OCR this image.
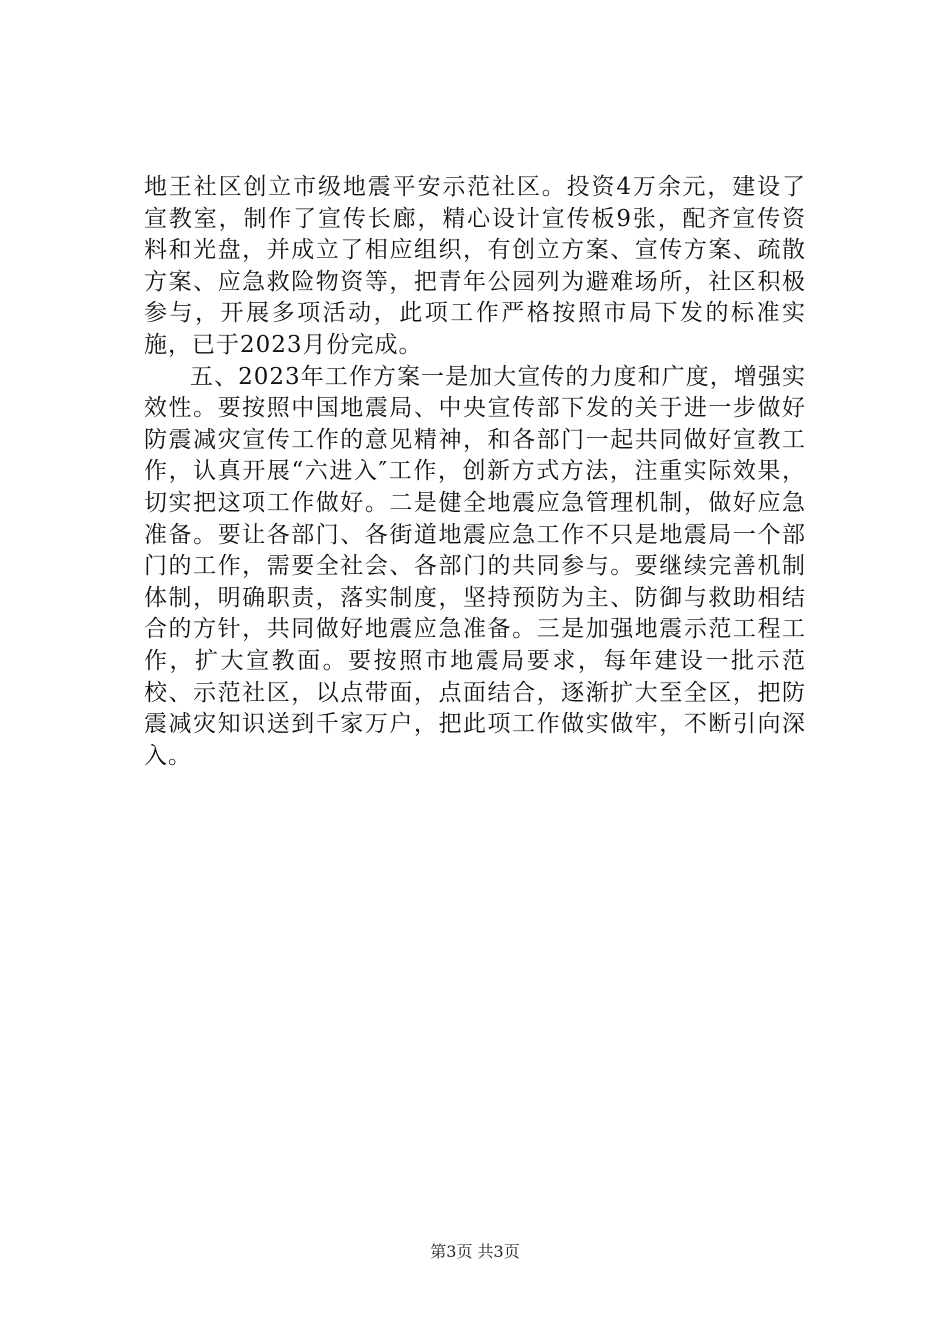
地王社区创立市级地震平安示范社区。投资4万余元，建设了宣教室，制作了宣传长廊，精心设计宣传板9张，配齐宣传资料和光盘，并成立了相应组织，有创立方案、宣传方案、疏散方案、应急救险物资等，把青年公园列为避难场所，社区积极参与，开展多项活动，此项工作严格按照市局下发的标准实施，已于2023月份完成。

五、2023年工作方案一是加大宣传的力度和广度，增强实效性。要按照中国地震局、中央宣传部下发的关于进一步做好防震减灾宣传工作的意见精神，和各部门一起共同做好宣教工作，认真开展“六进入″工作，创新方式方法，注重实际效果，切实把这项工作做好。二是健全地震应急管理机制，做好应急准备。要让各部门、各街道地震应急工作不只是地震局一个部门的工作，需要全社会、各部门的共同参与。要继续完善机制体制，明确职责，落实制度，坚持预防为主、防御与救助相结合的方针，共同做好地震应急准备。三是加强地震示范工程工作，扩大宣教面。要按照市地震局要求，每年建设一批示范校、示范社区，以点带面，点面结合，逐渐扩大至全区，把防震减灾知识送到千家万户，把此项工作做实做牢，不断引向深入。

第3页 共3页
